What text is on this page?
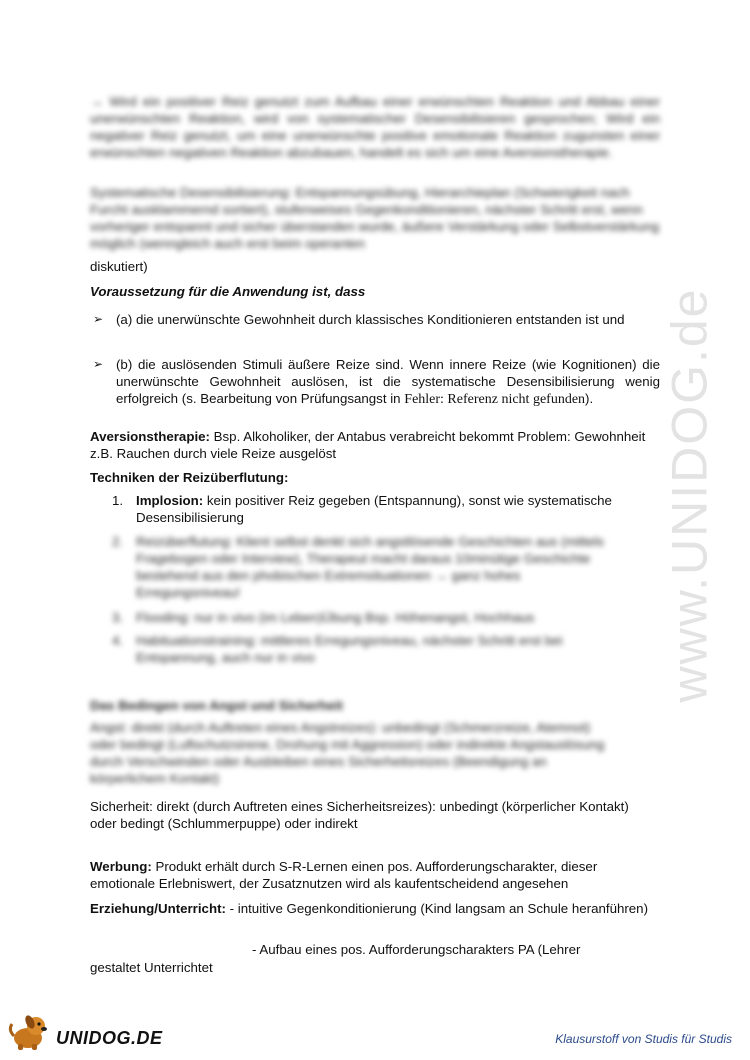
www.UNIDOG.de
→ Wird ein positiver Reiz genutzt zum Aufbau einer erwünschten Reaktion und Abbau einer unerwünschten Reaktion, wird von systematischer Desensibilisieren gesprochen; Wird ein negativer Reiz genutzt, um eine unerwünschte positive emotionale Reaktion zugunsten einer erwünschten negativen Reaktion abzubauen, handelt es sich um eine Aversionstherapie.
Systematische Desensibilisierung: Entspannungsübung, Hierarchieplan (Schwierigkeit nach Furcht ausklammernd sortiert), stufenweises Gegenkonditionieren, nächster Schritt erst, wenn vorheriger entspannt und sicher überstanden wurde, äußere Verstärkung oder Selbstverstärkung möglich (wenngleich auch erst beim operanten
diskutiert)
Voraussetzung für die Anwendung ist, dass
➢ (a) die unerwünschte Gewohnheit durch klassisches Konditionieren entstanden ist und
➢ (b) die auslösenden Stimuli äußere Reize sind. Wenn innere Reize (wie Kognitionen) die unerwünschte Gewohnheit auslösen, ist die systematische Desensibilisierung wenig erfolgreich (s. Bearbeitung von Prüfungsangst in Fehler: Referenz nicht gefunden).
Aversionstherapie: Bsp. Alkoholiker, der Antabus verabreicht bekommt Problem: Gewohnheit z.B. Rauchen durch viele Reize ausgelöst
Techniken der Reizüberflutung:
1. Implosion: kein positiver Reiz gegeben (Entspannung), sonst wie systematische Desensibilisierung
2. Reizüberflutung: Klient selbst denkt sich angstlösende Geschichten aus (mittels Fragebogen oder Interview), Therapeut macht daraus 10minütige Geschichte bestehend aus den phobischen Extremsituationen → ganz hohes Erregungsniveau!
3. Flooding: nur in vivo (im Leben)Übung Bsp. Höhenangst, Hochhaus
4. Habituationstraining: mittleres Erregungsniveau, nächster Schritt erst bei Entspannung, auch nur in vivo
Das Bedingen von Angst und Sicherheit
Angst: direkt (durch Auftreten eines Angstreizes): unbedingt (Schmerzreize, Atemnot) oder bedingt (Luftschutzsirene, Drohung mit Aggression) oder indirekte Angstauslösung durch Verschwinden oder Ausbleiben eines Sicherheitsreizes (Beendigung an körperlichem Kontakt)
Sicherheit: direkt (durch Auftreten eines Sicherheitsreizes): unbedingt (körperlicher Kontakt) oder bedingt (Schlummerpuppe) oder indirekt
Werbung: Produkt erhält durch S-R-Lernen einen pos. Aufforderungscharakter, dieser emotionale Erlebniswert, der Zusatznutzen wird als kaufentscheidend angesehen
Erziehung/Unterricht: - intuitive Gegenkonditionierung (Kind langsam an Schule heranführen)
- Aufbau eines pos. Aufforderungscharakters PA (Lehrer
gestaltet Unterrichtet
UNIDOG.DE	Klausurstoff von Studis für Studis
